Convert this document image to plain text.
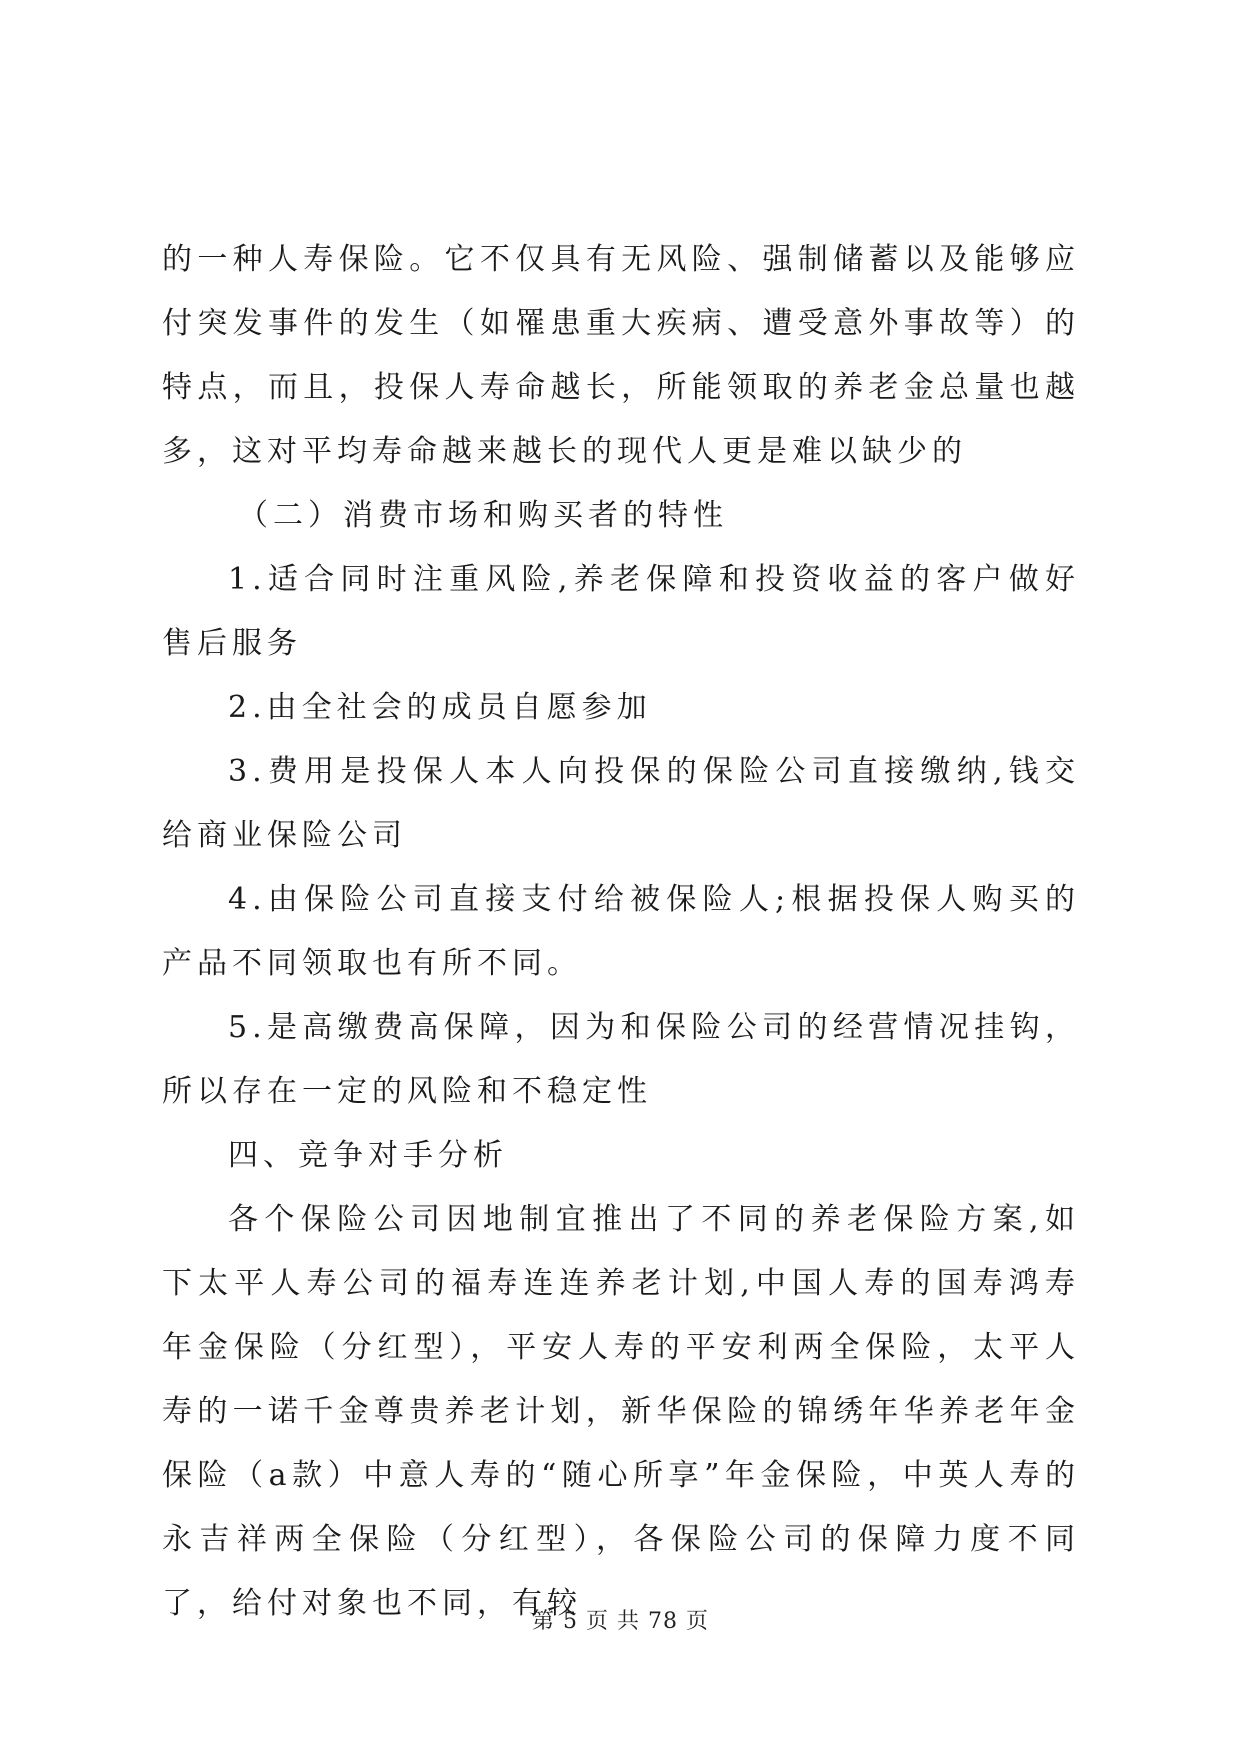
的一种人寿保险。它不仅具有无风险、强制储蓄以及能够应付突发事件的发生（如罹患重大疾病、遭受意外事故等）的特点，而且，投保人寿命越长，所能领取的养老金总量也越多，这对平均寿命越来越长的现代人更是难以缺少的

（二）消费市场和购买者的特性

1.适合同时注重风险,养老保障和投资收益的客户做好售后服务

2.由全社会的成员自愿参加

3.费用是投保人本人向投保的保险公司直接缴纳,钱交给商业保险公司

4.由保险公司直接支付给被保险人;根据投保人购买的产品不同领取也有所不同。

5.是高缴费高保障，因为和保险公司的经营情况挂钩，所以存在一定的风险和不稳定性

四、竞争对手分析

各个保险公司因地制宜推出了不同的养老保险方案,如下太平人寿公司的福寿连连养老计划,中国人寿的国寿鸿寿年金保险（分红型），平安人寿的平安利两全保险，太平人寿的一诺千金尊贵养老计划，新华保险的锦绣年华养老年金保险（a款）中意人寿的“随心所享”年金保险，中英人寿的永吉祥两全保险（分红型），各保险公司的保障力度不同了，给付对象也不同，有较

第 5 页 共 78 页
